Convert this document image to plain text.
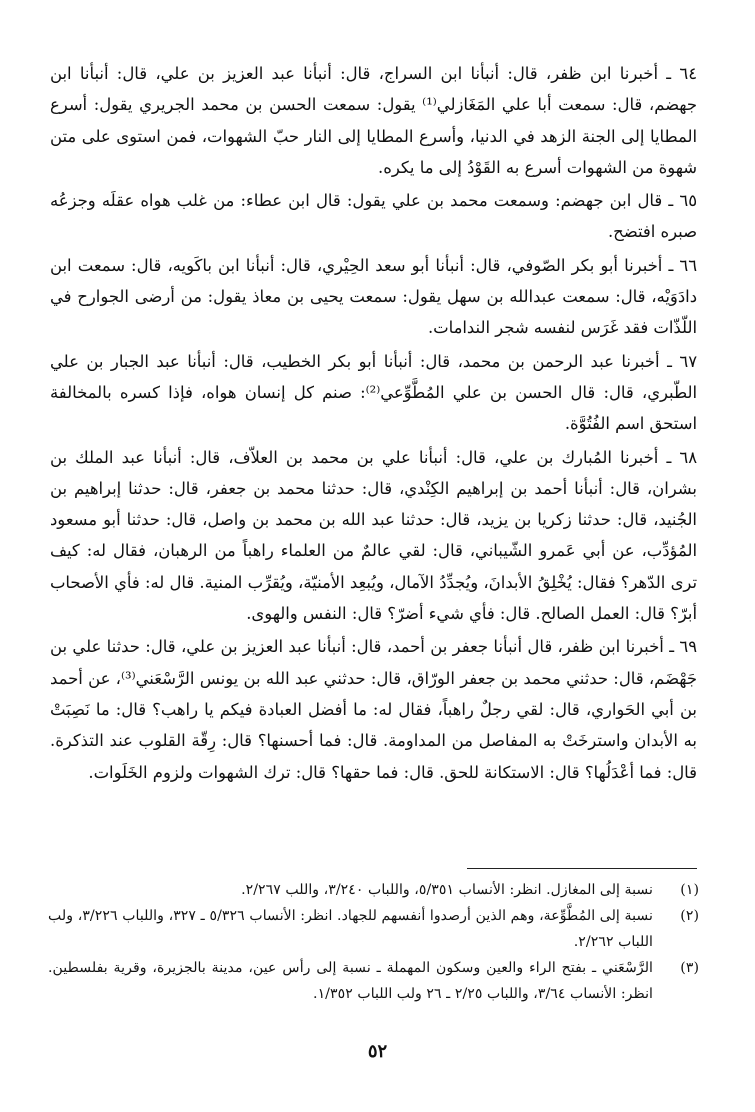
٦٤ ـ أخبرنا ابن ظفر، قال: أنبأنا ابن السراج، قال: أنبأنا عبد العزيز بن علي، قال: أنبأنا ابن جهضم، قال: سمعت أبا علي المَغَازلي⁽¹⁾ يقول: سمعت الحسن بن محمد الجريري يقول: أسرع المطايا إلى الجنة الزهد في الدنيا، وأسرع المطايا إلى النار حبّ الشهوات، فمن استوى على متن شهوة من الشهوات أسرع به القَوْدُ إلى ما يكره.

٦٥ ـ قال ابن جهضم: وسمعت محمد بن علي يقول: قال ابن عطاء: من غلب هواه عقلَه وجزعُه صبره افتضح.

٦٦ ـ أخبرنا أبو بكر الصّوفي، قال: أنبأنا أبو سعد الحِيْري، قال: أنبأنا ابن باكَويه، قال: سمعت ابن دادَوَيْه، قال: سمعت عبدالله بن سهل يقول: سمعت يحيى بن معاذ يقول: من أرضى الجوارح في اللّذّات فقد غَرَس لنفسه شجر الندامات.

٦٧ ـ أخبرنا عبد الرحمن بن محمد، قال: أنبأنا أبو بكر الخطيب، قال: أنبأنا عبد الجبار بن علي الطّبري، قال: قال الحسن بن علي المُطَّوِّعي⁽²⁾: صنم كل إنسان هواه، فإذا كسره بالمخالفة استحق اسم الفُتُوَّة.

٦٨ ـ أخبرنا المُبارك بن علي، قال: أنبأنا علي بن محمد بن العلاّف، قال: أنبأنا عبد الملك بن بشران، قال: أنبأنا أحمد بن إبراهيم الكِنْدي، قال: حدثنا محمد بن جعفر، قال: حدثنا إبراهيم بن الجُنيد، قال: حدثنا زكريا بن يزيد، قال: حدثنا عبد الله بن محمد بن واصل، قال: حدثنا أبو مسعود المُؤدِّب، عن أبي عَمرو الشّيباني، قال: لقي عالمٌ من العلماء راهباً من الرهبان، فقال له: كيف ترى الدّهر؟ فقال: يُخْلِقُ الأبدانَ، ويُجدِّدُ الآمال، ويُبعِد الأمنيّة، ويُقرِّب المنية. قال له: فأي الأصحاب أبرّ؟ قال: العمل الصالح. قال: فأي شيء أضرّ؟ قال: النفس والهوى.

٦٩ ـ أخبرنا ابن ظفر، قال أنبأنا جعفر بن أحمد، قال: أنبأنا عبد العزيز بن علي، قال: حدثنا علي بن جَهْضَم، قال: حدثني محمد بن جعفر الورّاق، قال: حدثني عبد الله بن يونس الرَّسْعَني⁽³⁾، عن أحمد بن أبي الحَواري، قال: لقي رجلٌ راهباً، فقال له: ما أفضل العبادة فيكم يا راهب؟ قال: ما نَصِبَتْ به الأبدان واسترخَتْ به المفاصل من المداومة. قال: فما أحسنها؟ قال: رِقّة القلوب عند التذكرة. قال: فما أعْدَلُها؟ قال: الاستكانة للحق. قال: فما حقها؟ قال: ترك الشهوات ولزوم الخَلَوات.

(١)
نسبة إلى المغازل. انظر: الأنساب ٥/٣٥١، واللباب ٣/٢٤٠، واللب ٢/٢٦٧.
(٢)
نسبة إلى المُطَّوِّعة، وهم الذين أرصدوا أنفسهم للجهاد. انظر: الأنساب ٥/٣٢٦ ـ ٣٢٧، واللباب ٣/٢٢٦، ولب اللباب ٢/٢٦٢.
(٣)
الرَّسْعَني ـ بفتح الراء والعين وسكون المهملة ـ نسبة إلى رأس عين، مدينة بالجزيرة، وقرية بفلسطين. انظر: الأنساب ٣/٦٤، واللباب ٢/٢٥ ـ ٢٦ ولب اللباب ١/٣٥٢.
٥٢
